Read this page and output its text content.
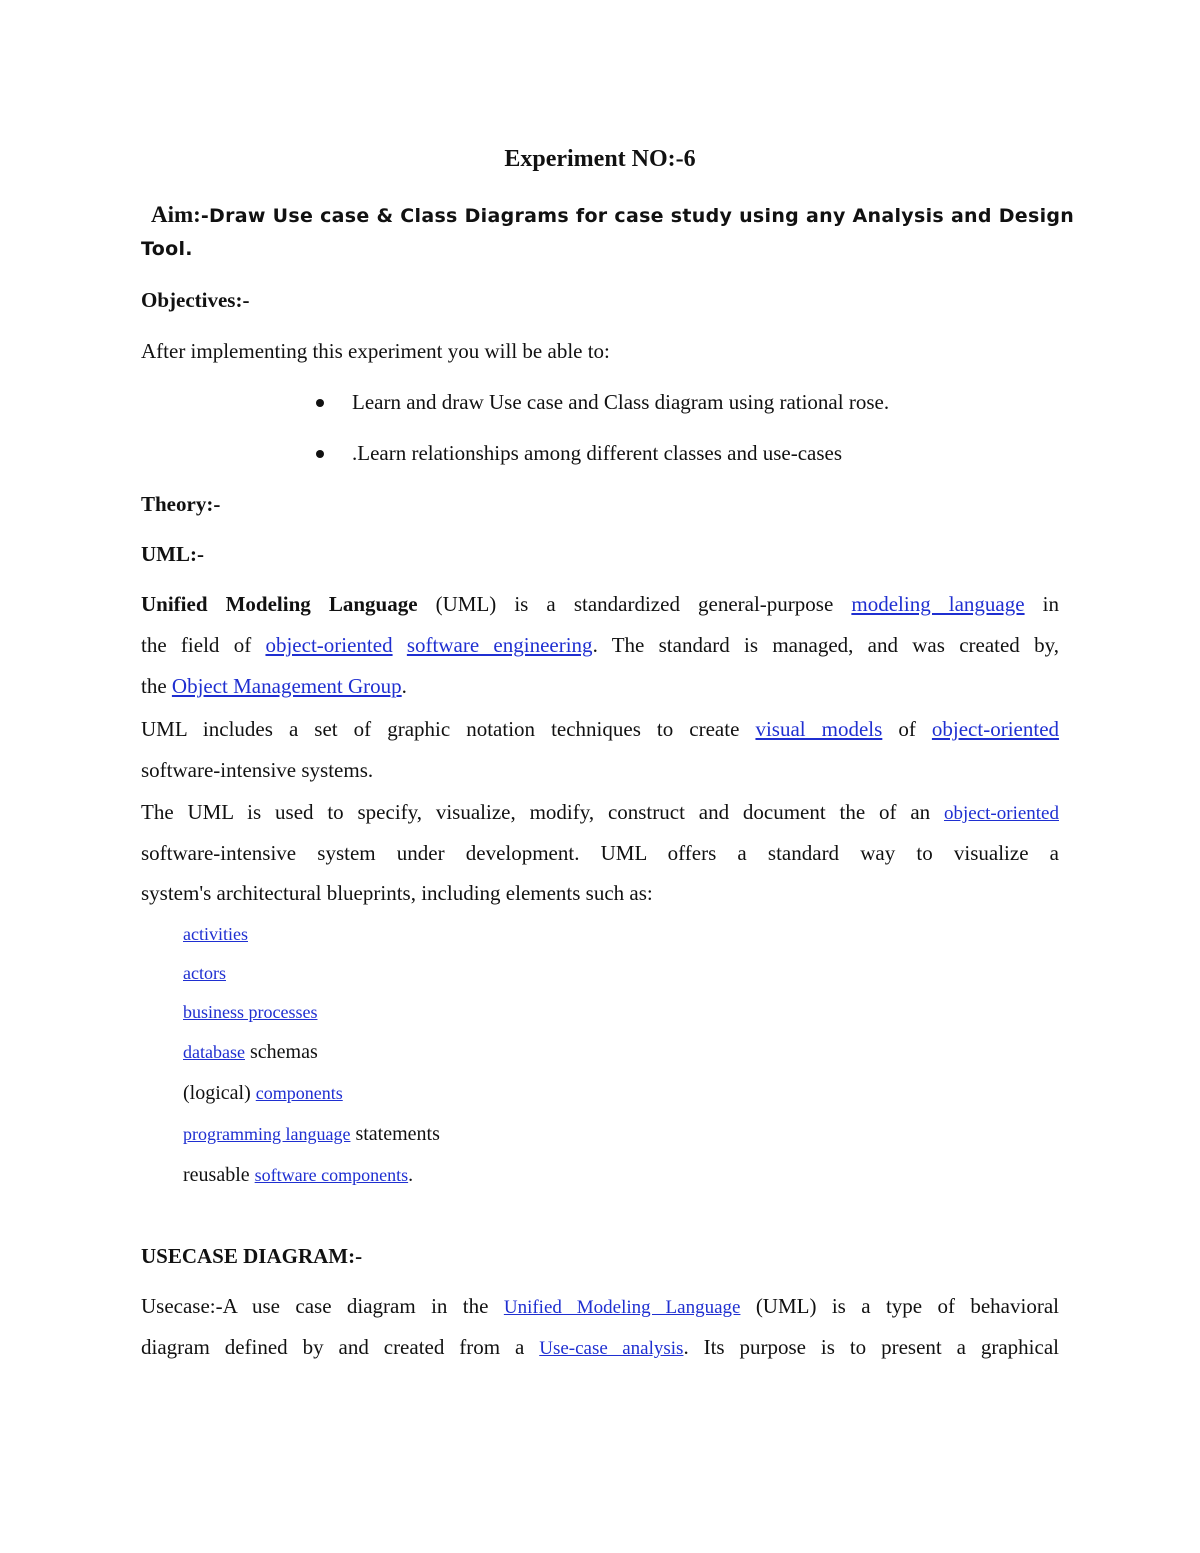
Experiment NO:-6

Aim:-Draw Use case & Class Diagrams for case study using any Analysis and Design

Tool.

Objectives:-

After implementing this experiment you will be able to:

Learn and draw Use case and Class diagram using rational rose.

.Learn relationships among different classes and use-cases

Theory:-

UML:-

Unified Modeling Language (UML) is a standardized general-purpose modeling language in

the field of object-oriented software engineering. The standard is managed, and was created by,

the Object Management Group.

UML includes a set of graphic notation techniques to create visual models of object-oriented

software-intensive systems.

The UML is used to specify, visualize, modify, construct and document the of an object-oriented

software-intensive system under development. UML offers a standard way to visualize a

system's architectural blueprints, including elements such as:

activities

actors

business processes

database schemas

(logical) components

programming language statements

reusable software components.

USECASE DIAGRAM:-

Usecase:-A use case diagram in the Unified Modeling Language (UML) is a type of behavioral

diagram defined by and created from a Use-case analysis. Its purpose is to present a graphical
